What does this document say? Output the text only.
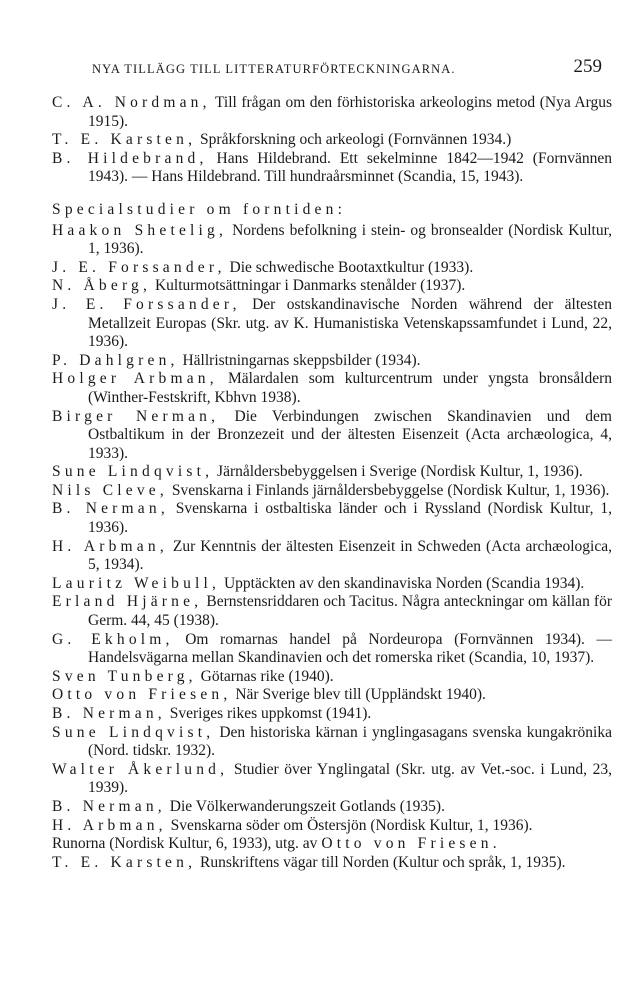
NYA TILLÄGG TILL LITTERATURFÖRTECKNINGARNA.	259
C. A. Nordman, Till frågan om den förhistoriska arkeologins metod (Nya Argus 1915).
T. E. Karsten, Språkforskning och arkeologi (Fornvännen 1934.)
B. Hildebrand, Hans Hildebrand. Ett sekelminne 1842—1942 (Fornvännen 1943). — Hans Hildebrand. Till hundraårsminnet (Scandia, 15, 1943).
Specialstudier om forntiden:
Haakon Shetelig, Nordens befolkning i stein- og bronsealder (Nordisk Kultur, 1, 1936).
J. E. Forssander, Die schwedische Bootaxtkultur (1933).
N. Åberg, Kulturmotsättningar i Danmarks stenålder (1937).
J. E. Forssander, Der ostskandinavische Norden während der ältesten Metallzeit Europas (Skr. utg. av K. Humanistiska Vetenskapssamfundet i Lund, 22, 1936).
P. Dahlgren, Hällristningarnas skeppsbilder (1934).
Holger Arbman, Mälardalen som kulturcentrum under yngsta bronsåldern (Winther-Festskrift, Kbhvn 1938).
Birger Nerman, Die Verbindungen zwischen Skandinavien und dem Ostbaltikum in der Bronzezeit und der ältesten Eisenzeit (Acta archæologica, 4, 1933).
Sune Lindqvist, Järnåldersbebyggelsen i Sverige (Nordisk Kultur, 1, 1936).
Nils Cleve, Svenskarna i Finlands järnåldersbebyggelse (Nordisk Kultur, 1, 1936).
B. Nerman, Svenskarna i ostbaltiska länder och i Ryssland (Nordisk Kultur, 1, 1936).
H. Arbman, Zur Kenntnis der ältesten Eisenzeit in Schweden (Acta archæologica, 5, 1934).
Lauritz Weibull, Upptäckten av den skandinaviska Norden (Scandia 1934).
Erland Hjärne, Bernstensriddaren och Tacitus. Några anteckningar om källan för Germ. 44, 45 (1938).
G. Ekholm, Om romarnas handel på Nordeuropa (Fornvännen 1934). — Handelsvägarna mellan Skandinavien och det romerska riket (Scandia, 10, 1937).
Sven Tunberg, Götarnas rike (1940).
Otto von Friesen, När Sverige blev till (Uppländskt 1940).
B. Nerman, Sveriges rikes uppkomst (1941).
Sune Lindqvist, Den historiska kärnan i ynglingasagans svenska kungakrönika (Nord. tidskr. 1932).
Walter Åkerlund, Studier över Ynglingatal (Skr. utg. av Vet.-soc. i Lund, 23, 1939).
B. Nerman, Die Völkerwanderungszeit Gotlands (1935).
H. Arbman, Svenskarna söder om Östersjön (Nordisk Kultur, 1, 1936).
Runorna (Nordisk Kultur, 6, 1933), utg. av Otto von Friesen.
T. E. Karsten, Runskriftens vägar till Norden (Kultur och språk, 1, 1935).
